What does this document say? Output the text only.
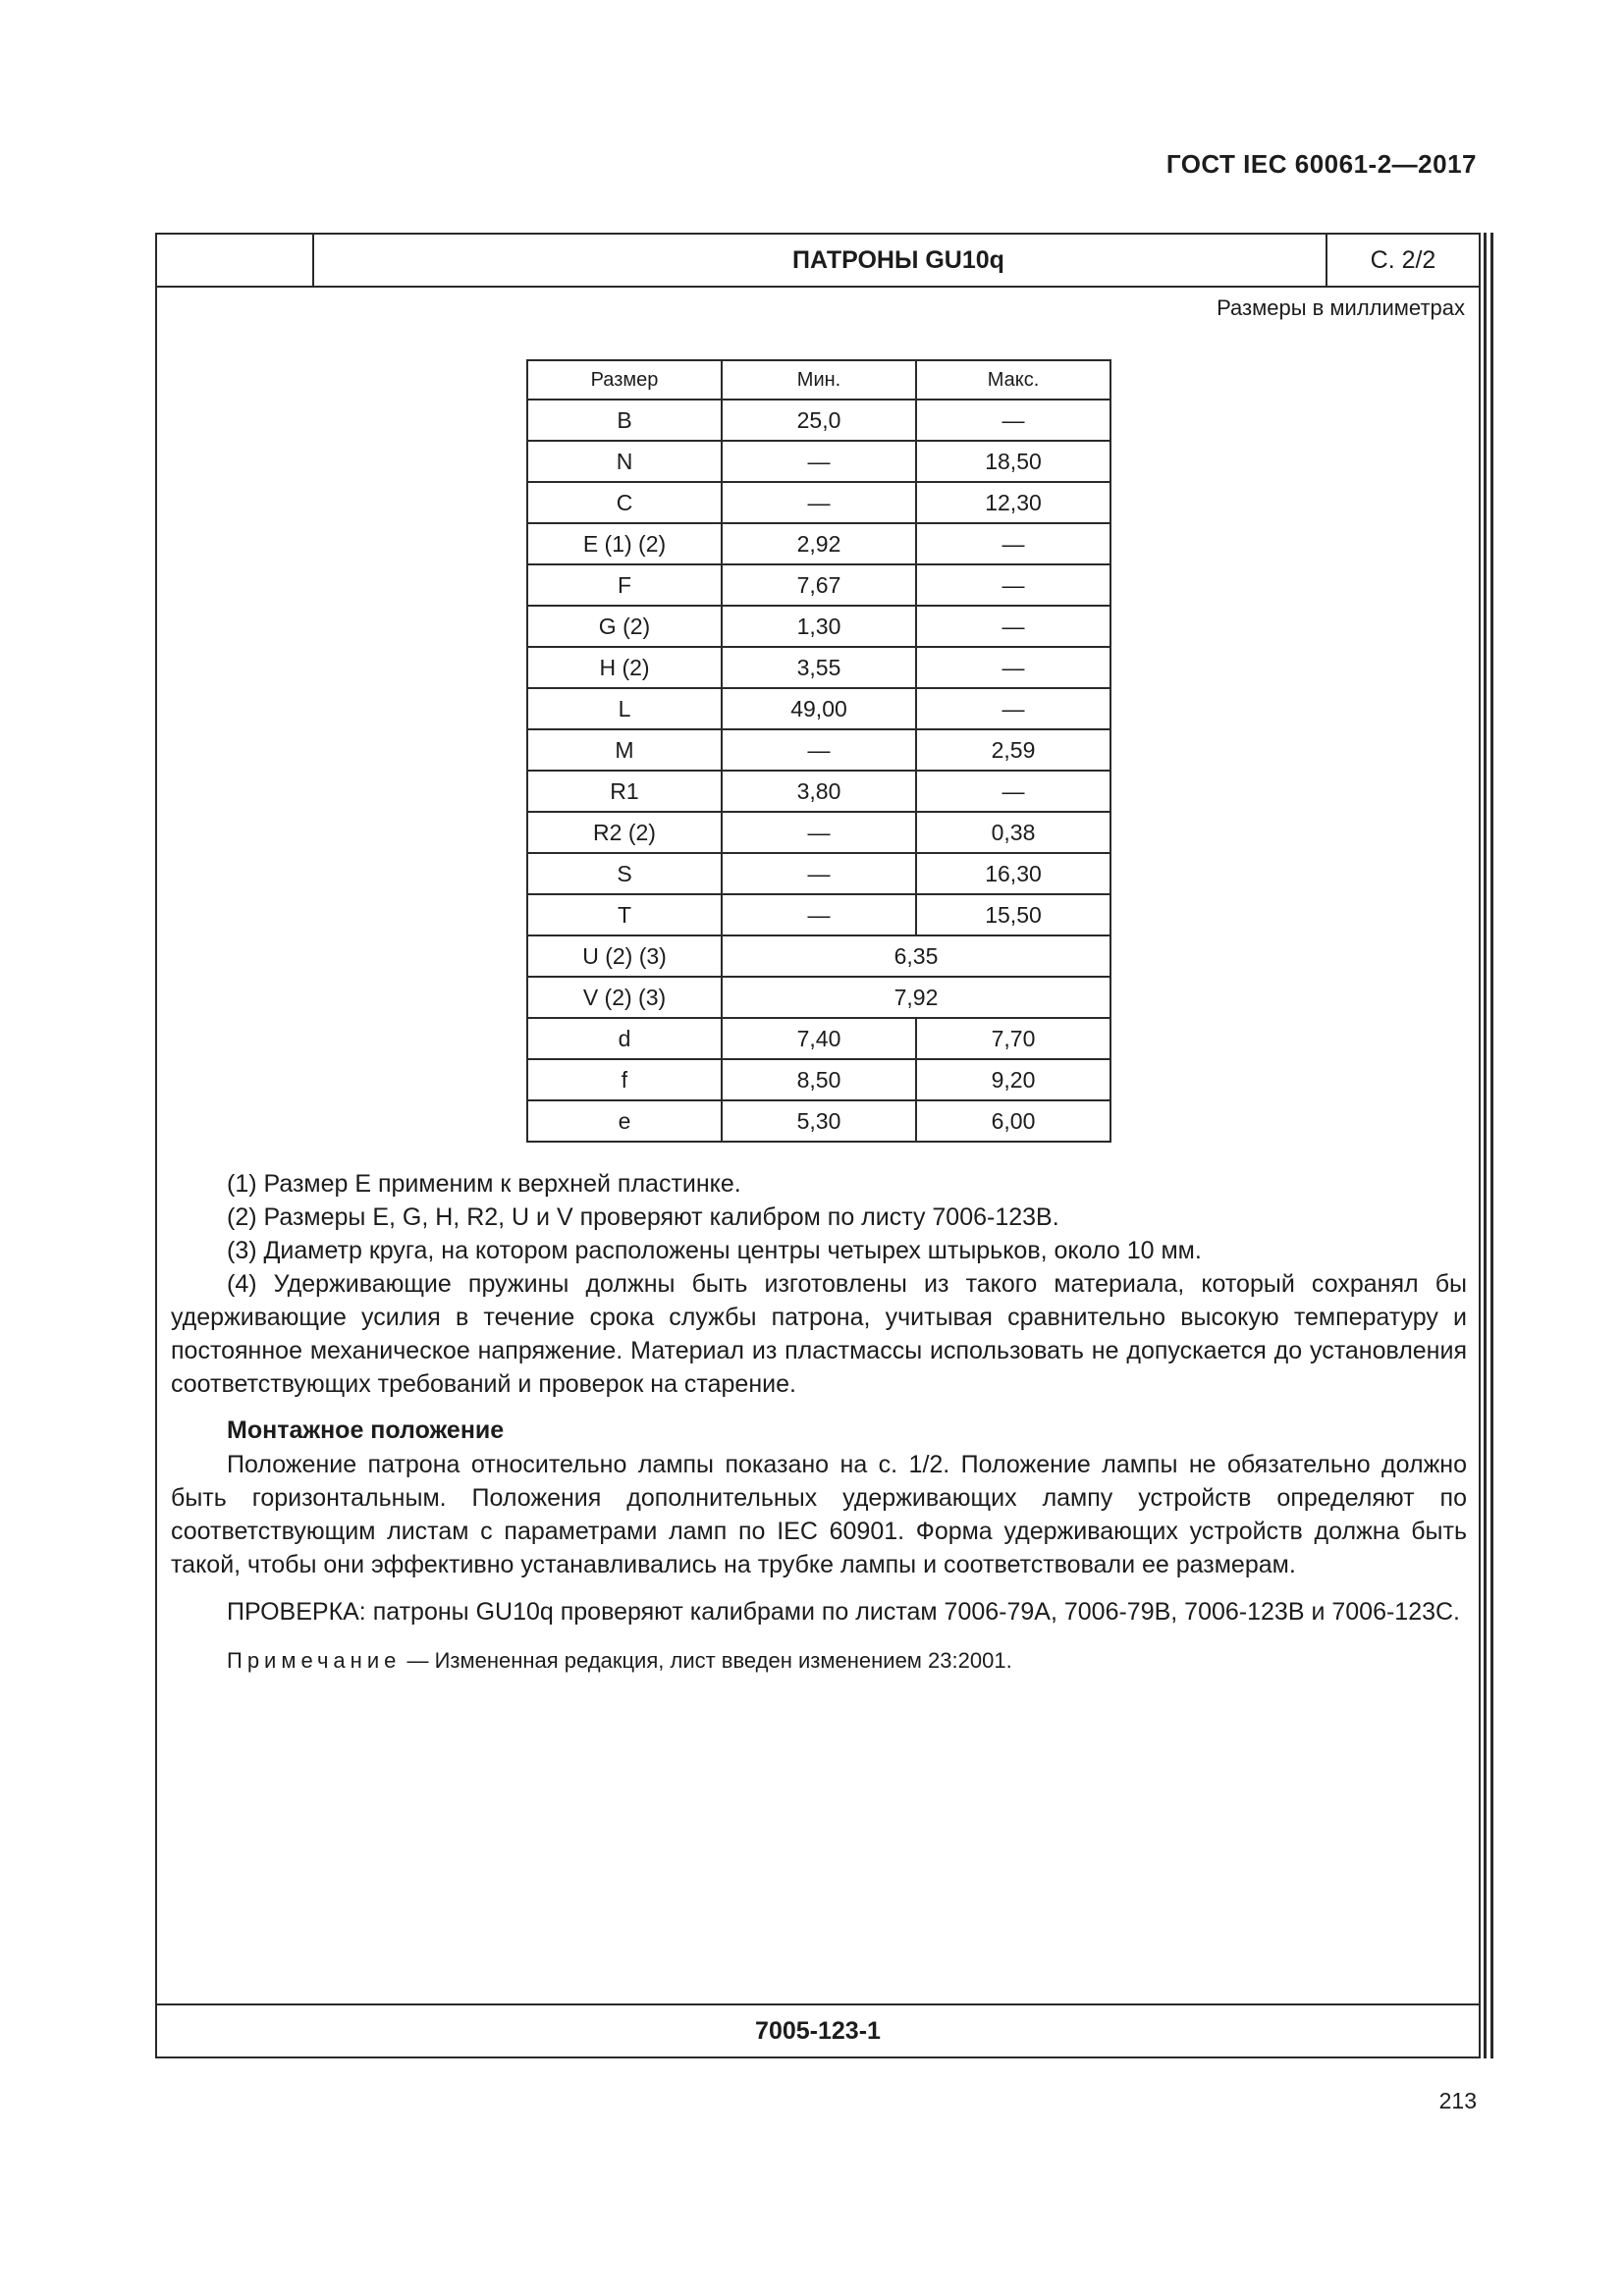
ГОСТ IEC 60061-2—2017
ПАТРОНЫ GU10q	С. 2/2
Размеры в миллиметрах
Размер	Мин.	Макс.
B	25,0	—
N	—	18,50
C	—	12,30
E (1) (2)	2,92	—
F	7,67	—
G (2)	1,30	—
H (2)	3,55	—
L	49,00	—
M	—	2,59
R1	3,80	—
R2 (2)	—	0,38
S	—	16,30
T	—	15,50
U (2) (3)	6,35	
V (2) (3)	7,92	
d	7,40	7,70
f	8,50	9,20
e	5,30	6,00

(1) Размер E применим к верхней пластинке.

(2) Размеры E, G, H, R2, U и V проверяют калибром по листу 7006-123B.

(3) Диаметр круга, на котором расположены центры четырех штырьков, около 10 мм.

(4) Удерживающие пружины должны быть изготовлены из такого материала, который сохранял бы удерживающие усилия в течение срока службы патрона, учитывая сравнительно высокую температуру и постоянное механическое напряжение. Материал из пластмассы использовать не допускается до установления соответствующих требований и проверок на старение.

Монтажное положение

Положение патрона относительно лампы показано на с. 1/2. Положение лампы не обязательно должно быть горизонтальным. Положения дополнительных удерживающих лампу устройств определяют по соответствующим листам с параметрами ламп по IEC 60901. Форма удерживающих устройств должна быть такой, чтобы они эффективно устанавливались на трубке лампы и соответствовали ее размерам.

ПРОВЕРКА: патроны GU10q проверяют калибрами по листам 7006-79A, 7006-79B, 7006-123B и 7006-123C.

Примечание — Измененная редакция, лист введен изменением 23:2001.

7005-123-1
213
